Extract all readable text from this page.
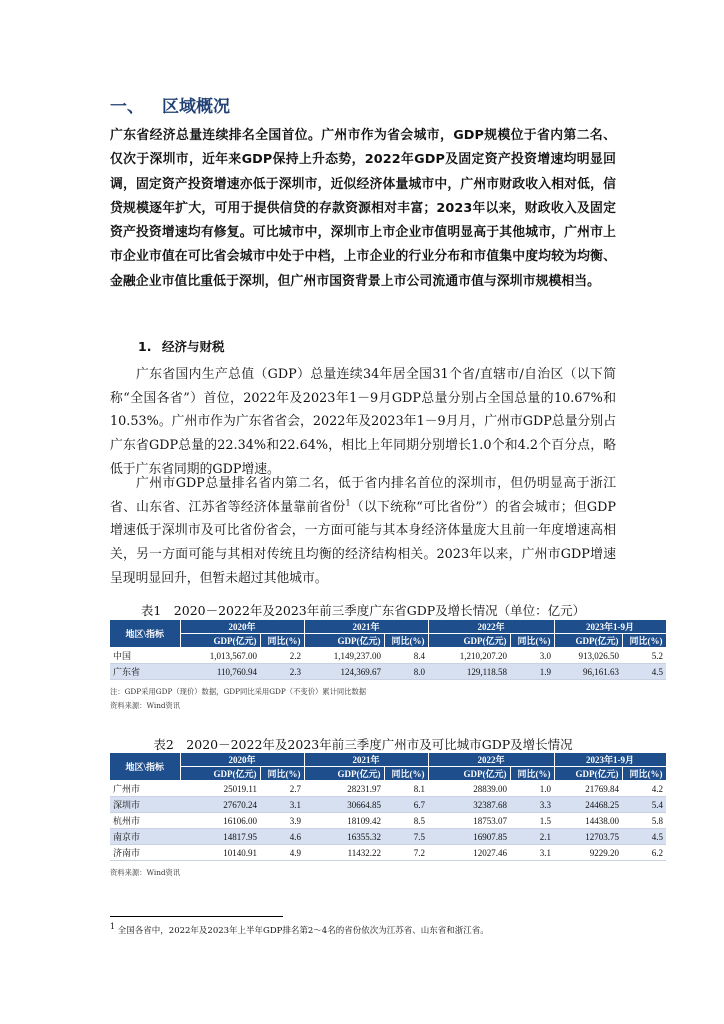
一、 区域概况
广东省经济总量连续排名全国首位。广州市作为省会城市，GDP规模位于省内第二名、仅次于深圳市，近年来GDP保持上升态势，2022年GDP及固定资产投资增速均明显回调，固定资产投资增速亦低于深圳市，近似经济体量城市中，广州市财政收入相对低，信贷规模逐年扩大，可用于提供信贷的存款资源相对丰富；2023年以来，财政收入及固定资产投资增速均有修复。可比城市中，深圳市上市企业市值明显高于其他城市，广州市上市企业市值在可比省会城市中处于中档，上市企业的行业分布和市值集中度均较为均衡、金融企业市值比重低于深圳，但广州市国资背景上市公司流通市值与深圳市规模相当。
1. 经济与财税
广东省国内生产总值（GDP）总量连续34年居全国31个省/直辖市/自治区（以下简称“全国各省”）首位，2022年及2023年1－9月GDP总量分别占全国总量的10.67%和10.53%。广州市作为广东省省会，2022年及2023年1－9月月，广州市GDP总量分别占广东省GDP总量的22.34%和22.64%，相比上年同期分别增长1.0个和4.2个百分点，略低于广东省同期的GDP增速。
广州市GDP总量排名省内第二名，低于省内排名首位的深圳市，但仍明显高于浙江省、山东省、江苏省等经济体量靠前省份$^1$（以下统称“可比省份”）的省会城市；但GDP增速低于深圳市及可比省份省会，一方面可能与其本身经济体量庞大且前一年度增速高相关，另一方面可能与其相对传统且均衡的经济结构相关。2023年以来，广州市GDP增速呈现明显回升，但暂未超过其他城市。
表1　2020－2022年及2023年前三季度广东省GDP及增长情况（单位：亿元）
地区\指标	2020年		2021年		2022年		2023年1-9月	
	GDP(亿元)	同比(%)	GDP(亿元)	同比(%)	GDP(亿元)	同比(%)	GDP(亿元)	同比(%)
中国	1,013,567.00	2.2	1,149,237.00	8.4	1,210,207.20	3.0	913,026.50	5.2
广东省	110,760.94	2.3	124,369.67	8.0	129,118.58	1.9	96,161.63	4.5
注：GDP采用GDP（现价）数据，GDP同比采用GDP（不变价）累计同比数据
资料来源：Wind资讯
表2　2020－2022年及2023年前三季度广州市及可比城市GDP及增长情况
地区\指标	2020年		2021年		2022年		2023年1-9月	
	GDP(亿元)	同比(%)	GDP(亿元)	同比(%)	GDP(亿元)	同比(%)	GDP(亿元)	同比(%)
广州市	25019.11	2.7	28231.97	8.1	28839.00	1.0	21769.84	4.2
深圳市	27670.24	3.1	30664.85	6.7	32387.68	3.3	24468.25	5.4
杭州市	16106.00	3.9	18109.42	8.5	18753.07	1.5	14438.00	5.8
南京市	14817.95	4.6	16355.32	7.5	16907.85	2.1	12703.75	4.5
济南市	10140.91	4.9	11432.22	7.2	12027.46	3.1	9229.20	6.2
资料来源：Wind资讯
$^1$ 全国各省中，2022年及2023年上半年GDP排名第2～4名的省份依次为江苏省、山东省和浙江省。
